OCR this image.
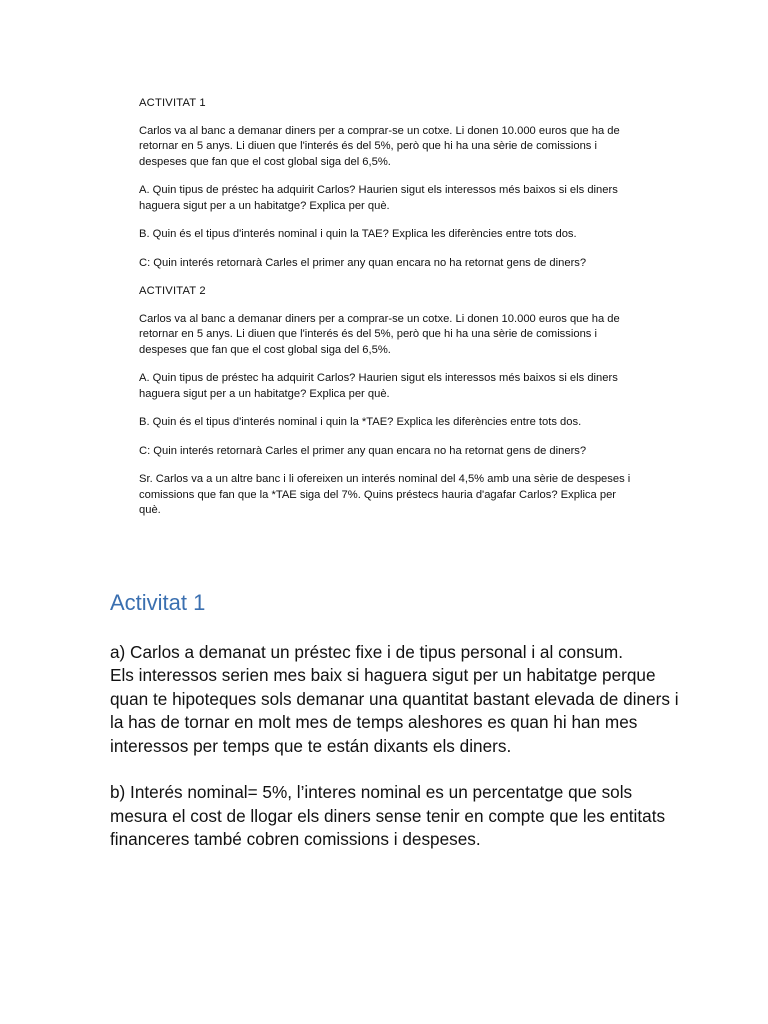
ACTIVITAT 1

Carlos va al banc a demanar diners per a comprar-se un cotxe. Li donen 10.000 euros que ha de retornar en 5 anys. Li diuen que l'interés és del 5%, però que hi ha una sèrie de comissions i despeses que fan que el cost global siga del 6,5%.

A. Quin tipus de préstec ha adquirit Carlos? Haurien sigut els interessos més baixos si els diners haguera sigut per a un habitatge? Explica per què.

B. Quin és el tipus d'interés nominal i quin la TAE? Explica les diferències entre tots dos.

C: Quin interés retornarà Carles el primer any quan encara no ha retornat gens de diners?

ACTIVITAT 2

Carlos va al banc a demanar diners per a comprar-se un cotxe. Li donen 10.000 euros que ha de retornar en 5 anys. Li diuen que l'interés és del 5%, però que hi ha una sèrie de comissions i despeses que fan que el cost global siga del 6,5%.

A. Quin tipus de préstec ha adquirit Carlos? Haurien sigut els interessos més baixos si els diners haguera sigut per a un habitatge? Explica per què.

B. Quin és el tipus d'interés nominal i quin la *TAE? Explica les diferències entre tots dos.

C: Quin interés retornarà Carles el primer any quan encara no ha retornat gens de diners?

Sr. Carlos va a un altre banc i li ofereixen un interés nominal del 4,5% amb una sèrie de despeses i comissions que fan que la *TAE siga del 7%. Quins préstecs hauria d'agafar Carlos? Explica per què.

Activitat 1

a) Carlos a demanat un préstec fixe i de tipus personal i al consum.

Els interessos serien mes baix si haguera sigut per un habitatge perque quan te hipoteques sols demanar una quantitat bastant elevada de diners i la has de tornar en molt mes de temps aleshores es quan hi han mes interessos per temps que te están dixants els diners.

b) Interés nominal= 5%, l’interes nominal es un percentatge que sols mesura el cost de llogar els diners sense tenir en compte que les entitats financeres també cobren comissions i despeses.
